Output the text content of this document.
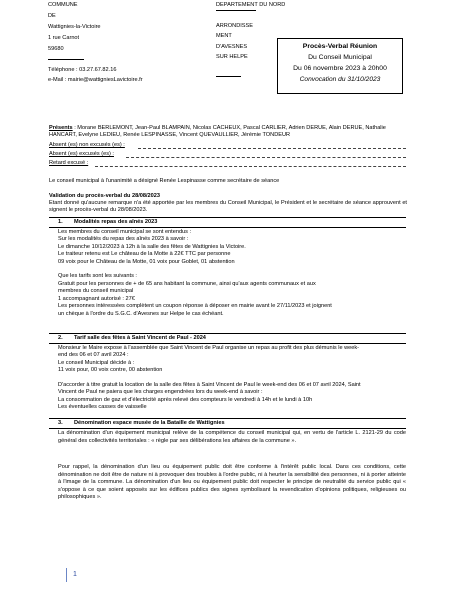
COMMUNE
DE
Wattignies-la-Victoire
1 rue Carnot
59680
Téléphone : 03.27.67.82.16
e-Mail : mairie@wattigniesLavictoire.fr
DEPARTEMENT DU NORD
ARRONDISSE
MENT
D'AVESNES
SUR HELPE
Procès-Verbal Réunion
Du Conseil Municipal
Du 06 novembre 2023 à 20h00
Convocation du 31/10/2023
Présents : Morane BERLEMONT, Jean-Paul BLAMPAIN, Nicolas CACHEUX, Pascal CARLIER, Adrien DERUE, Alain DERUE, Nathalie
HANCART, Evelyne LEDIEU, Renée LESPINASSE, Vincent QUEVAULLIER, Jérémie TONDEUR
Absent (es) non excusés (es) :
Absent (es) excusés (es) :
Retard excusé :
Le conseil municipal à l'unanimité a désigné Renée Lespinasse comme secrétaire de séance
Validation du procès-verbal du 28/08/2023
Etant donné qu'aucune remarque n'a été apportée par les membres du Conseil Municipal, le Président et le secrétaire de séance approuvent et signent le procès-verbal du 28/08/2023.
1. Modalités repas des aînés 2023
Les membres du conseil municipal se sont entendus :
Sur les modalités du repas des aînés 2023 à savoir :
Le dimanche 10/12/2023 à 12h à la salle des fêtes de Wattignies la Victoire.
Le traiteur retenu est Le château de la Motte à 22€ TTC par personne
09 voix pour le Château de la Motte, 01 voix pour Goblet, 01 abstention
Que les tarifs sont les suivants :
Gratuit pour les personnes de + de 65 ans habitant la commune, ainsi qu'aux agents communaux et aux
membres du conseil municipal
1 accompagnant autorisé : 27€
Les personnes intéressées complètent un coupon réponse à déposer en mairie avant le 27/11/2023 et joignent
un chèque à l'ordre du S.G.C. d'Avesnes sur Helpe le cas échéant.
2. Tarif salle des fêtes à Saint Vincent de Paul - 2024
Monsieur le Maire expose à l'assemblée que Saint Vincent de Paul organise un repas au profit des plus démunis le week-
end des 06 et 07 avril 2024 :
Le conseil Municipal décide à :
11 voix pour, 00 voix contre, 00 abstention
D'accorder à titre gratuit la location de la salle des fêtes à Saint Vincent de Paul le week-end des 06 et 07 avril 2024, Saint
Vincent de Paul ne paiera que les charges engendrées lors du week-end à savoir :
La consommation de gaz et d'électricité après relevé des compteurs le vendredi à 14h et le lundi à 10h
Les éventuelles casses de vaisselle
3. Dénomination espace musée de la Bataille de Wattignies
La dénomination d'un équipement municipal relève de la compétence du conseil municipal qui, en vertu de l'article L. 2121-29 du code général des collectivités territoriales : « règle par ses délibérations les affaires de la commune ».
Pour rappel, la dénomination d'un lieu ou équipement public doit être conforme à l'intérêt public local. Dans ces conditions, cette dénomination ne doit être de nature ni à provoquer des troubles à l'ordre public, ni à heurter la sensibilité des personnes, ni à porter atteinte à l'image de la commune. La dénomination d'un lieu ou équipement public doit respecter le principe de neutralité du service public qui « s'oppose à ce que soient apposés sur les édifices publics des signes symbolisant la revendication d'opinions politiques, religieuses ou philosophiques ».
1
